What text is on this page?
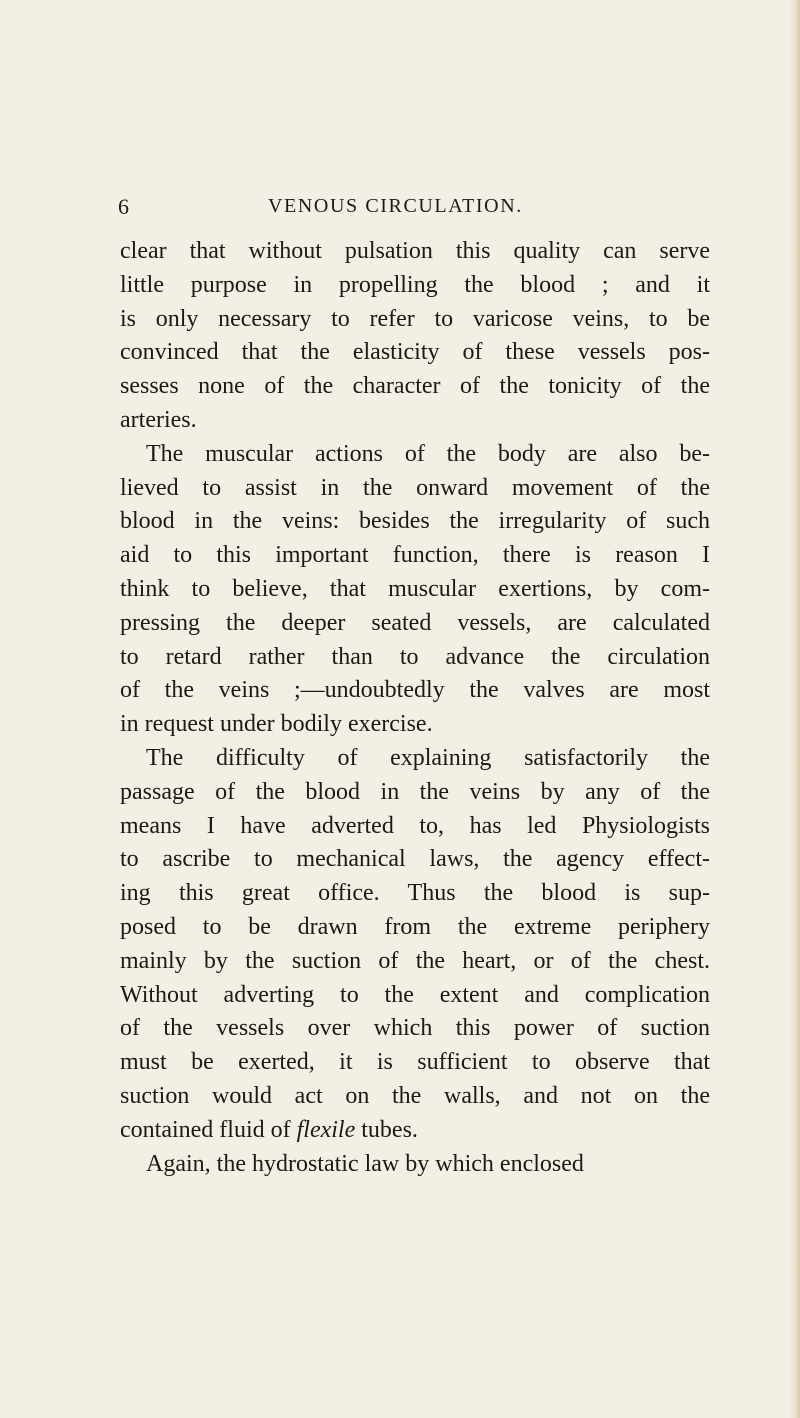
6	VENOUS CIRCULATION.
clear that without pulsation this quality can serve
little purpose in propelling the blood ; and it
is only necessary to refer to varicose veins, to be
convinced that the elasticity of these vessels pos-
sesses none of the character of the tonicity of the
arteries.
The muscular actions of the body are also be-
lieved to assist in the onward movement of the
blood in the veins: besides the irregularity of such
aid to this important function, there is reason I
think to believe, that muscular exertions, by com-
pressing the deeper seated vessels, are calculated
to retard rather than to advance the circulation
of the veins ;—undoubtedly the valves are most
in request under bodily exercise.
The difficulty of explaining satisfactorily the
passage of the blood in the veins by any of the
means I have adverted to, has led Physiologists
to ascribe to mechanical laws, the agency effect-
ing this great office. Thus the blood is sup-
posed to be drawn from the extreme periphery
mainly by the suction of the heart, or of the chest.
Without adverting to the extent and complication
of the vessels over which this power of suction
must be exerted, it is sufficient to observe that
suction would act on the walls, and not on the
contained fluid of flexile tubes.
Again, the hydrostatic law by which enclosed
